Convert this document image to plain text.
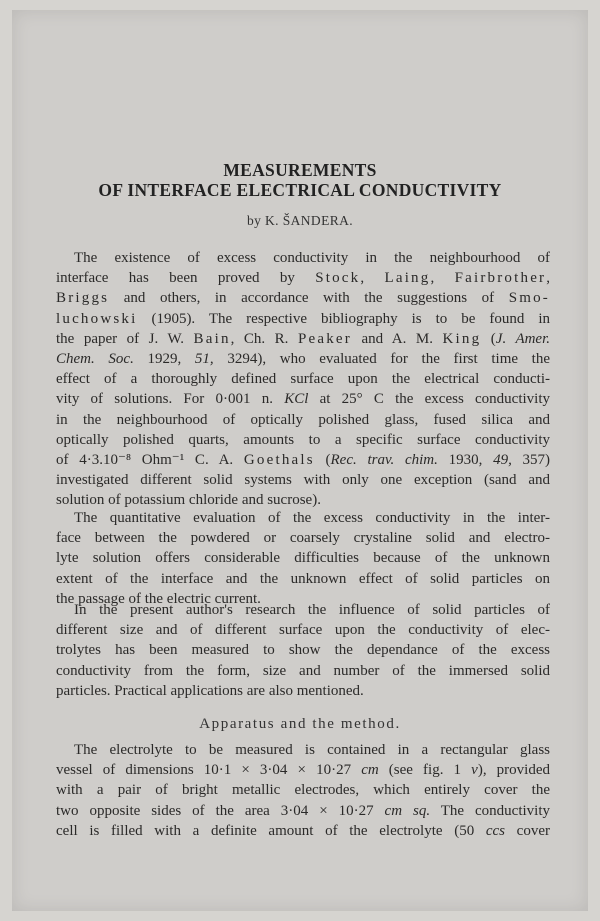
MEASUREMENTS
OF INTERFACE ELECTRICAL CONDUCTIVITY
by K. ŠANDERA.
The existence of excess conductivity in the neighbourhood of
interface has been proved by Stock, Laing, Fairbrother,
Briggs and others, in accordance with the suggestions of Smo-
luchowski (1905). The respective bibliography is to be found in
the paper of J. W. Bain, Ch. R. Peaker and A. M. King (J. Amer.
Chem. Soc. 1929, 51, 3294), who evaluated for the first time the
effect of a thoroughly defined surface upon the electrical conducti-
vity of solutions. For 0·001 n. KCl at 25° C the excess conductivity
in the neighbourhood of optically polished glass, fused silica and
optically polished quarts, amounts to a specific surface conductivity
of 4·3.10⁻⁸ Ohm⁻¹ C. A. Goethals (Rec. trav. chim. 1930, 49, 357)
investigated different solid systems with only one exception (sand and
solution of potassium chloride and sucrose).
The quantitative evaluation of the excess conductivity in the inter-
face between the powdered or coarsely crystaline solid and electro-
lyte solution offers considerable difficulties because of the unknown
extent of the interface and the unknown effect of solid particles on
the passage of the electric current.
In the present author's research the influence of solid particles of
different size and of different surface upon the conductivity of elec-
trolytes has been measured to show the dependance of the excess
conductivity from the form, size and number of the immersed solid
particles. Practical applications are also mentioned.
Apparatus and the method.
The electrolyte to be measured is contained in a rectangular glass
vessel of dimensions 10·1 × 3·04 × 10·27 cm (see fig. 1 v), provided
with a pair of bright metallic electrodes, which entirely cover the
two opposite sides of the area 3·04 × 10·27 cm sq. The conductivity
cell is filled with a definite amount of the electrolyte (50 ccs cover
